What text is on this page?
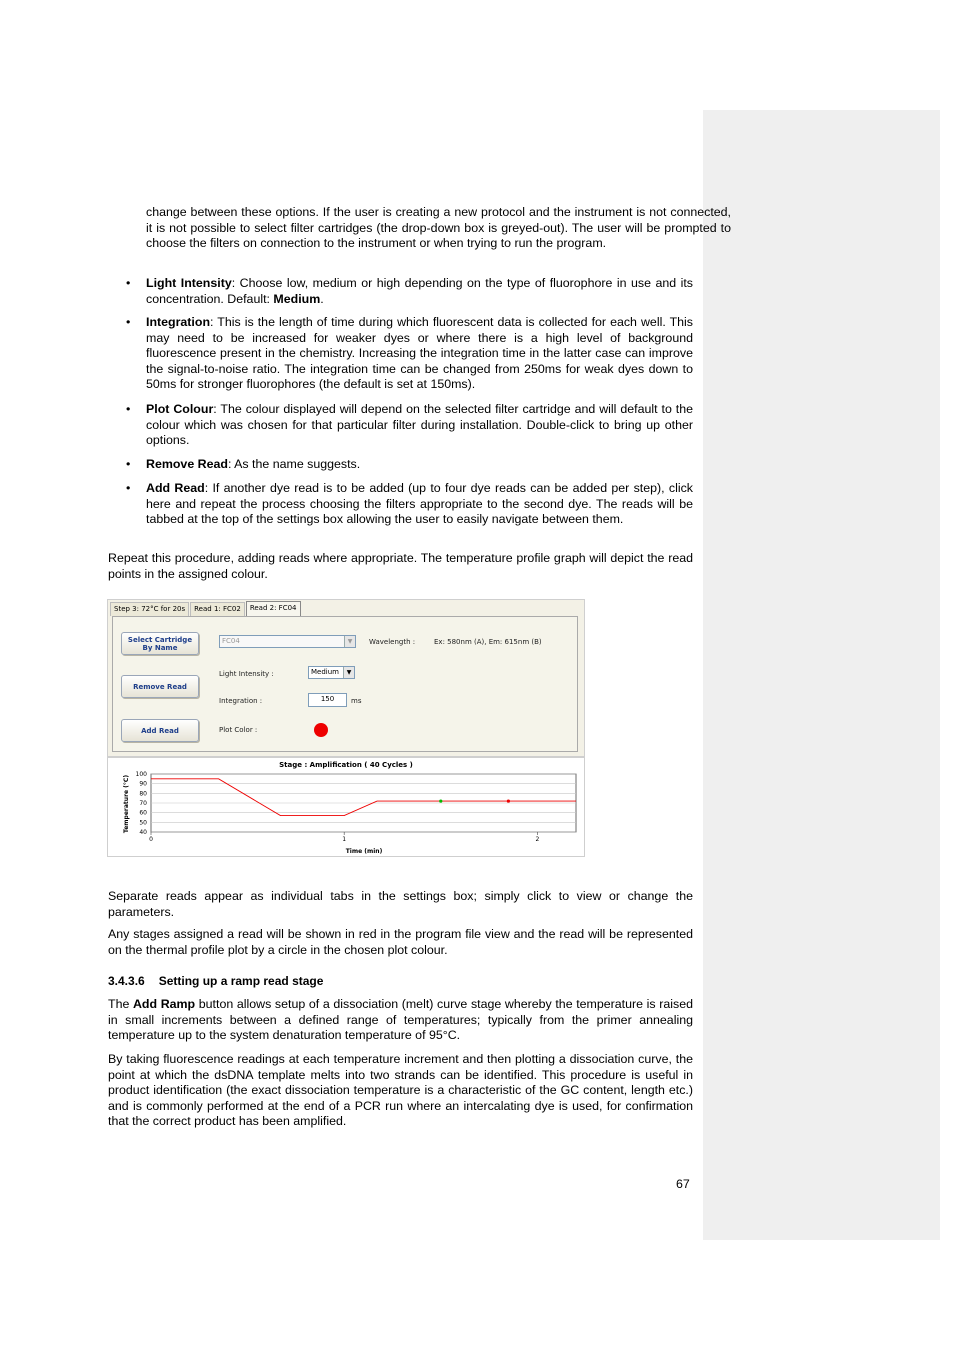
change between these options. If the user is creating a new protocol and the instrument is not connected, it is not possible to select filter cartridges (the drop-down box is greyed-out). The user will be prompted to choose the filters on connection to the instrument or when trying to run the program.
• Light Intensity: Choose low, medium or high depending on the type of fluorophore in use and its concentration. Default: Medium.
• Integration: This is the length of time during which fluorescent data is collected for each well. This may need to be increased for weaker dyes or where there is a high level of background fluorescence present in the chemistry. Increasing the integration time in the latter case can improve the signal-to-noise ratio. The integration time can be changed from 250ms for weak dyes down to 50ms for stronger fluorophores (the default is set at 150ms).
• Plot Colour: The colour displayed will depend on the selected filter cartridge and will default to the colour which was chosen for that particular filter during installation. Double-click to bring up other options.
• Remove Read: As the name suggests.
• Add Read: If another dye read is to be added (up to four dye reads can be added per step), click here and repeat the process choosing the filters appropriate to the second dye. The reads will be tabbed at the top of the settings box allowing the user to easily navigate between them.
Repeat this procedure, adding reads where appropriate. The temperature profile graph will depict the read points in the assigned colour.
Step 3: 72°C for 20s	Read 1: FC02	Read 2: FC04
Select Cartridge By Name
Remove Read
Add Read
FC04	▼	Wavelength :	Ex: 580nm (A), Em: 615nm (B)
Light Intensity :	Medium	▼
Integration :	150	ms
Plot Color :
Stage : Amplification ( 40 Cycles )
Time (min)
Temperature (°C)
100
90
80
70
60
50
40
0	1	2
Separate reads appear as individual tabs in the settings box; simply click to view or change the parameters.
Any stages assigned a read will be shown in red in the program file view and the read will be represented on the thermal profile plot by a circle in the chosen plot colour.
3.4.3.6 Setting up a ramp read stage
The Add Ramp button allows setup of a dissociation (melt) curve stage whereby the temperature is raised in small increments between a defined range of temperatures; typically from the primer annealing temperature up to the system denaturation temperature of 95°C.
By taking fluorescence readings at each temperature increment and then plotting a dissociation curve, the point at which the dsDNA template melts into two strands can be identified. This procedure is useful in product identification (the exact dissociation temperature is a characteristic of the GC content, length etc.) and is commonly performed at the end of a PCR run where an intercalating dye is used, for confirmation that the correct product has been amplified.
67
